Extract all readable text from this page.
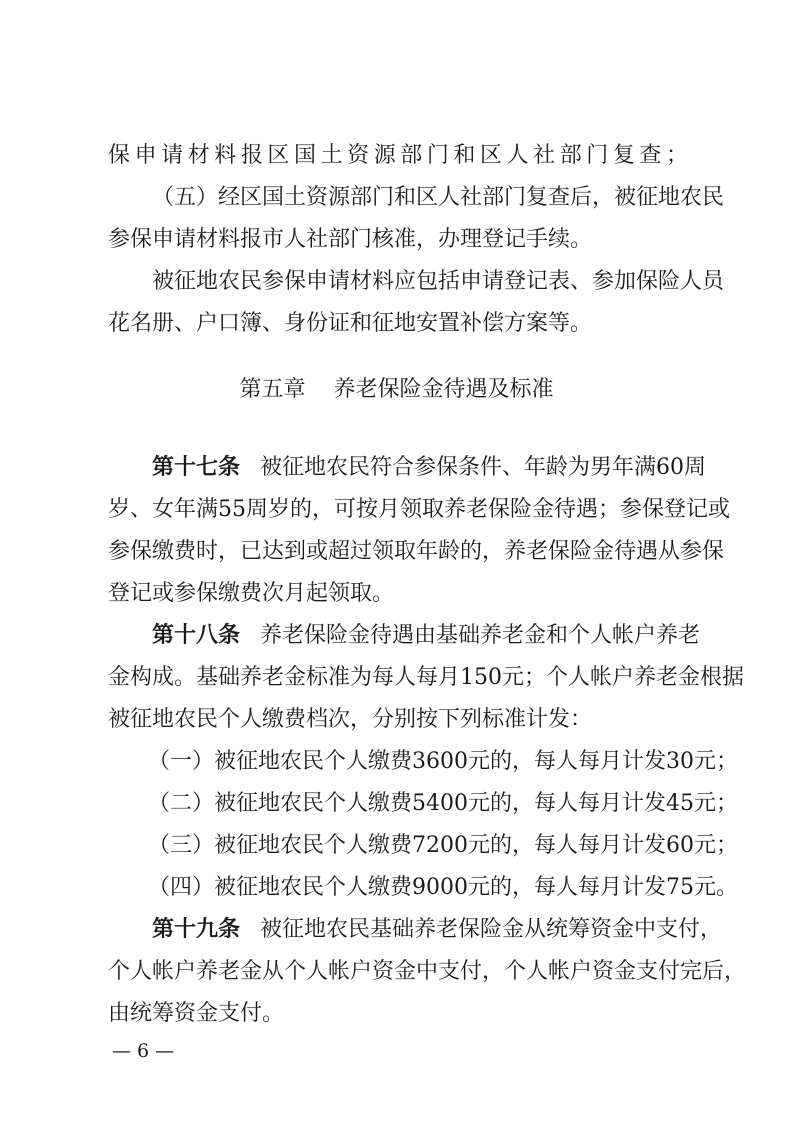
保申请材料报区国土资源部门和区人社部门复查；
（五）经区国土资源部门和区人社部门复查后，被征地农民
参保申请材料报市人社部门核准，办理登记手续。
被征地农民参保申请材料应包括申请登记表、参加保险人员
花名册、户口簿、身份证和征地安置补偿方案等。
第五章 养老保险金待遇及标准
第十七条 被征地农民符合参保条件、年龄为男年满60周
岁、女年满55周岁的，可按月领取养老保险金待遇；参保登记或
参保缴费时，已达到或超过领取年龄的，养老保险金待遇从参保
登记或参保缴费次月起领取。
第十八条 养老保险金待遇由基础养老金和个人帐户养老
金构成。基础养老金标准为每人每月150元；个人帐户养老金根据
被征地农民个人缴费档次，分别按下列标准计发：
（一）被征地农民个人缴费3600元的，每人每月计发30元；
（二）被征地农民个人缴费5400元的，每人每月计发45元；
（三）被征地农民个人缴费7200元的，每人每月计发60元；
（四）被征地农民个人缴费9000元的，每人每月计发75元。
第十九条 被征地农民基础养老保险金从统筹资金中支付，
个人帐户养老金从个人帐户资金中支付，个人帐户资金支付完后，
由统筹资金支付。
— 6 —
